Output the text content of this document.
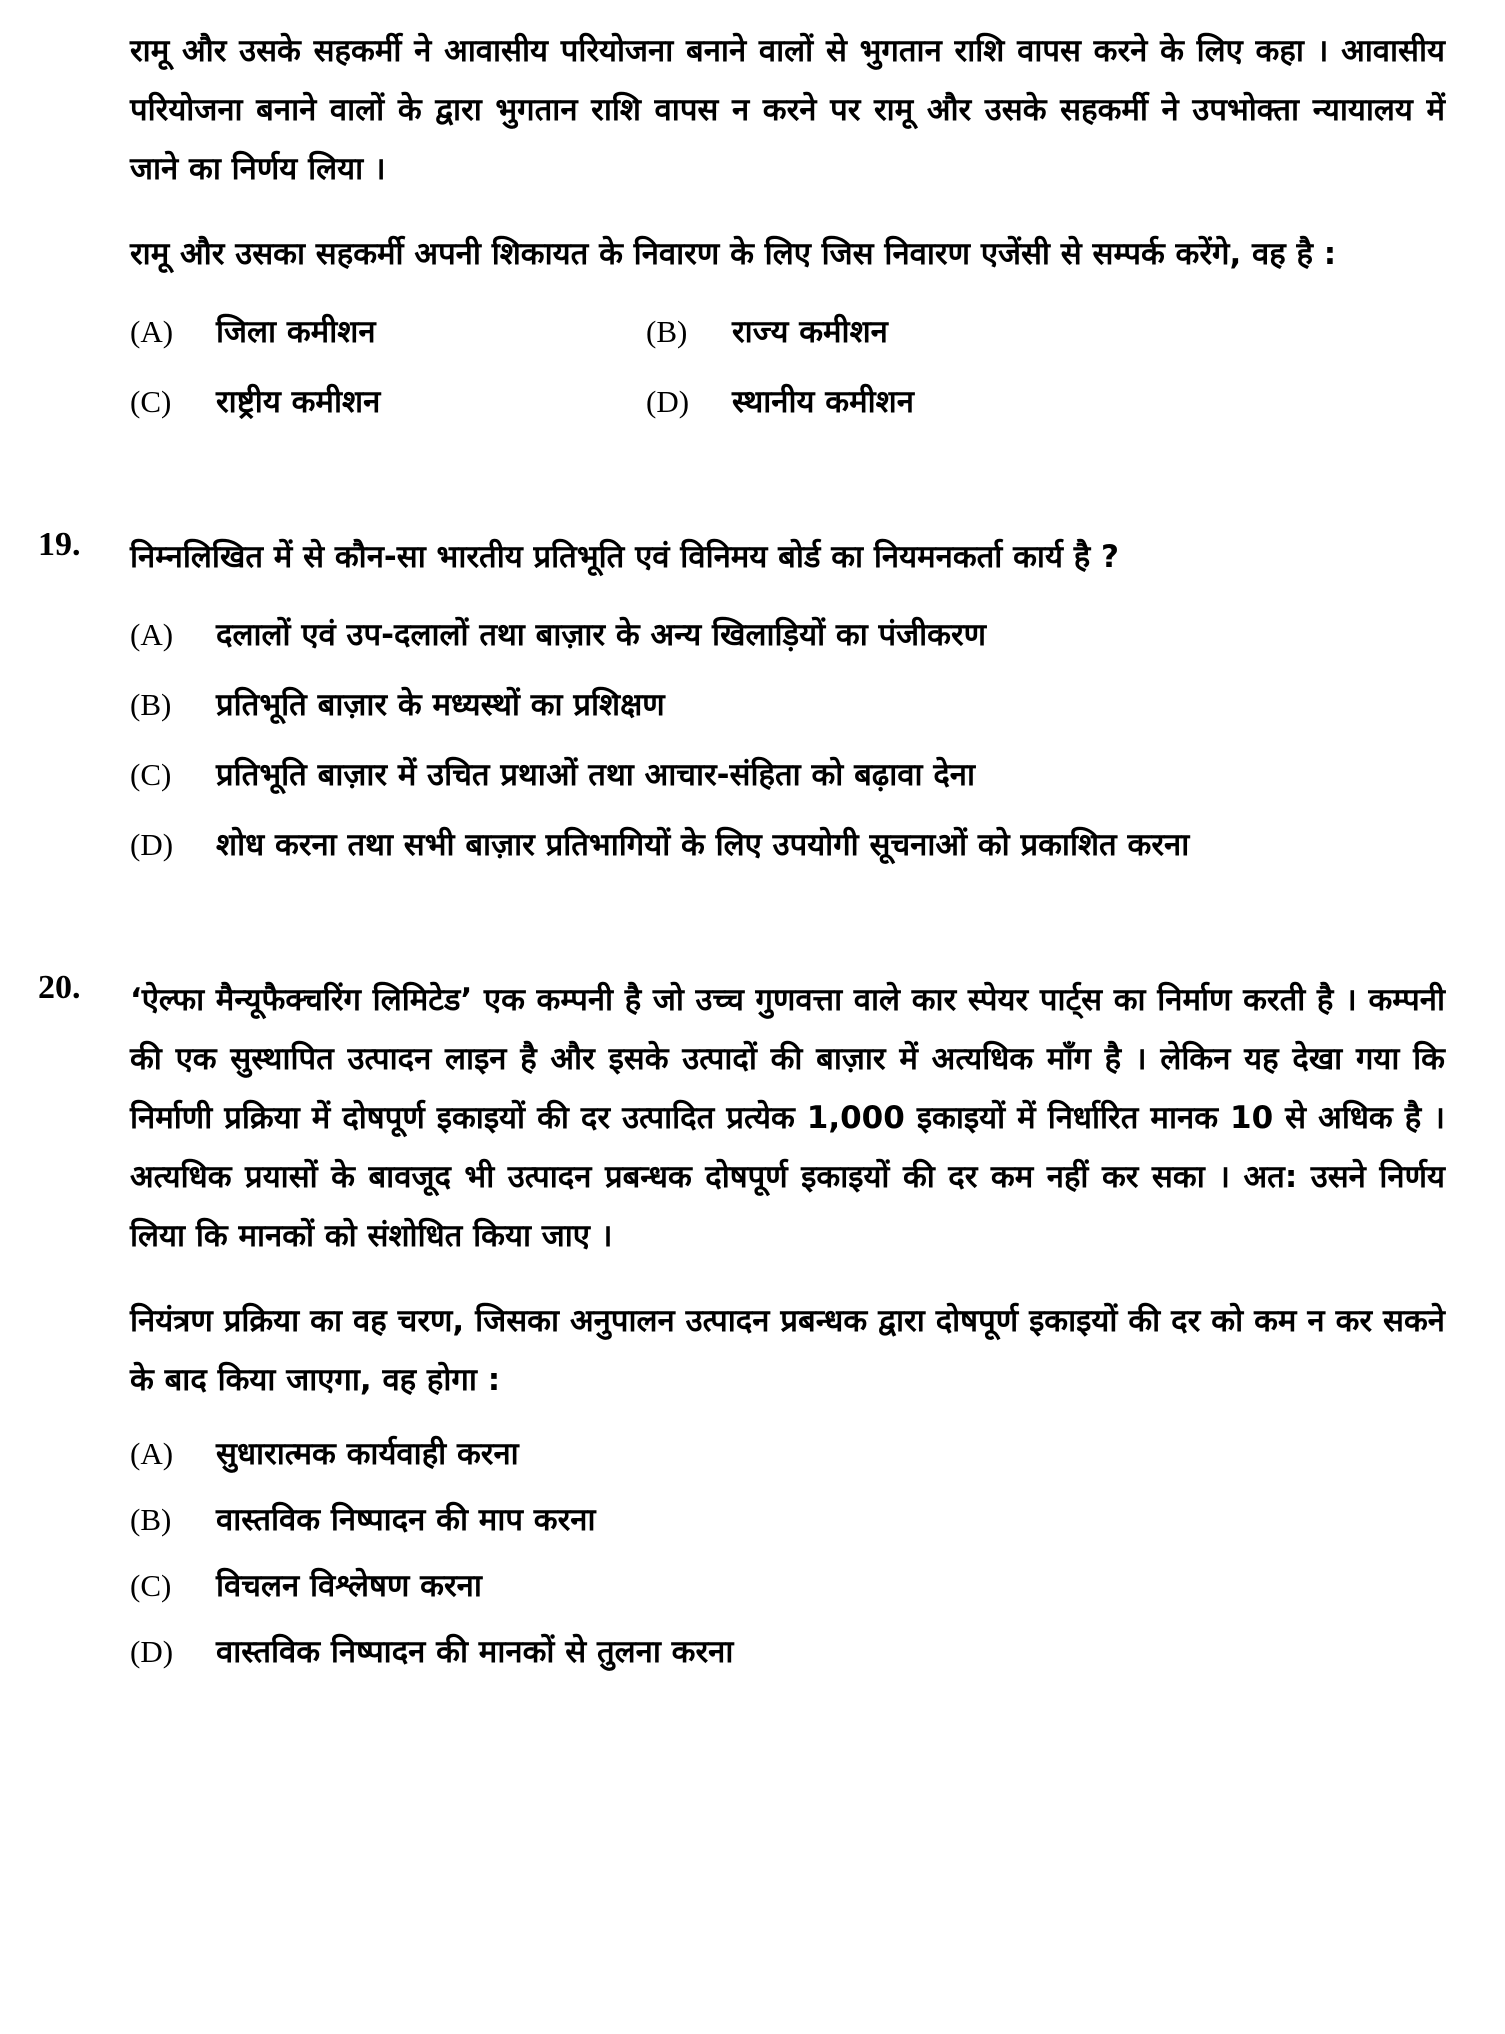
रामू और उसके सहकर्मी ने आवासीय परियोजना बनाने वालों से भुगतान राशि वापस करने के लिए कहा । आवासीय परियोजना बनाने वालों के द्वारा भुगतान राशि वापस न करने पर रामू और उसके सहकर्मी ने उपभोक्ता न्यायालय में जाने का निर्णय लिया ।

रामू और उसका सहकर्मी अपनी शिकायत के निवारण के लिए जिस निवारण एजेंसी से सम्पर्क करेंगे, वह है :

(A)	जिला कमीशन	(B)	राज्य कमीशन
(C)	राष्ट्रीय कमीशन	(D)	स्थानीय कमीशन
19.	निम्नलिखित में से कौन-सा भारतीय प्रतिभूति एवं विनिमय बोर्ड का नियमनकर्ता कार्य है ?

(A)	दलालों एवं उप-दलालों तथा बाज़ार के अन्य खिलाड़ियों का पंजीकरण
(B)	प्रतिभूति बाज़ार के मध्यस्थों का प्रशिक्षण
(C)	प्रतिभूति बाज़ार में उचित प्रथाओं तथा आचार-संहिता को बढ़ावा देना
(D)	शोध करना तथा सभी बाज़ार प्रतिभागियों के लिए उपयोगी सूचनाओं को प्रकाशित करना
20.	‘ऐल्फा मैन्यूफैक्चरिंग लिमिटेड’ एक कम्पनी है जो उच्च गुणवत्ता वाले कार स्पेयर पार्ट्स का निर्माण करती है । कम्पनी की एक सुस्थापित उत्पादन लाइन है और इसके उत्पादों की बाज़ार में अत्यधिक माँग है । लेकिन यह देखा गया कि निर्माणी प्रक्रिया में दोषपूर्ण इकाइयों की दर उत्पादित प्रत्येक 1,000 इकाइयों में निर्धारित मानक 10 से अधिक है । अत्यधिक प्रयासों के बावजूद भी उत्पादन प्रबन्धक दोषपूर्ण इकाइयों की दर कम नहीं कर सका । अत: उसने निर्णय लिया कि मानकों को संशोधित किया जाए ।

नियंत्रण प्रक्रिया का वह चरण, जिसका अनुपालन उत्पादन प्रबन्धक द्वारा दोषपूर्ण इकाइयों की दर को कम न कर सकने के बाद किया जाएगा, वह होगा :

(A)	सुधारात्मक कार्यवाही करना
(B)	वास्तविक निष्पादन की माप करना
(C)	विचलन विश्लेषण करना
(D)	वास्तविक निष्पादन की मानकों से तुलना करना
